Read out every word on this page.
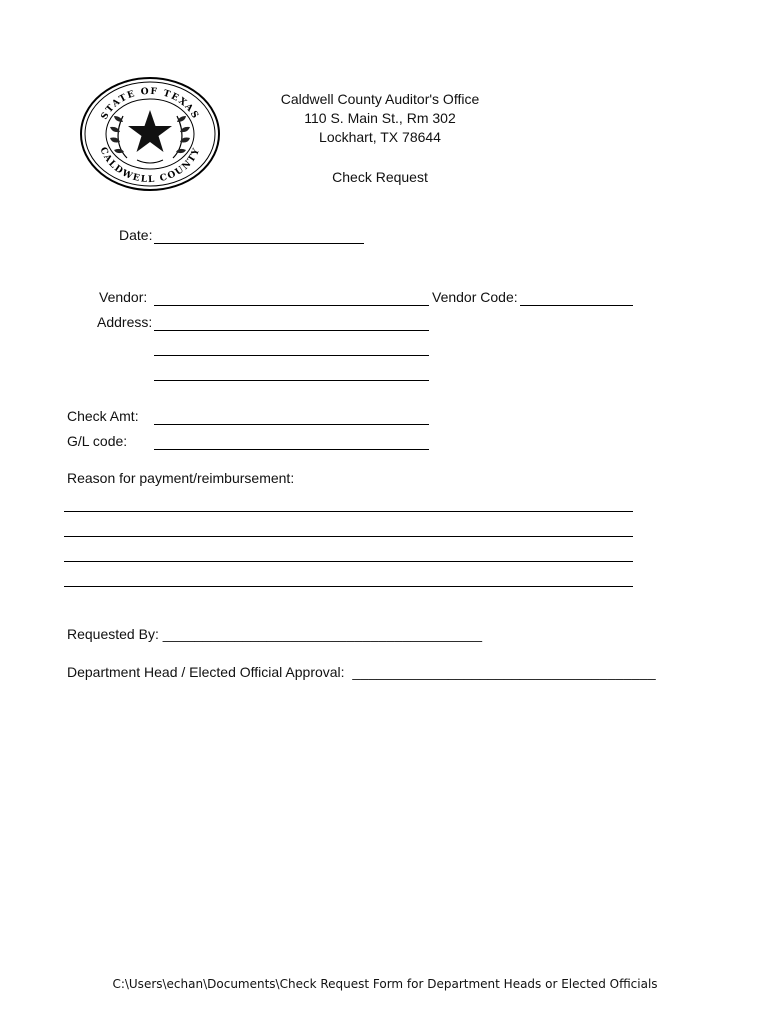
STATE OF TEXAS
CALDWELL COUNTY
Caldwell County Auditor's Office
110 S. Main St., Rm 302
Lockhart, TX 78644
Check Request
Date:
Vendor:	Vendor Code:
Address:
Check Amt:
G/L code:
Reason for payment/reimbursement:
Requested By: ________________________________________
Department Head / Elected Official Approval: ______________________________________
C:\Users\echan\Documents\Check Request Form for Department Heads or Elected Officials
